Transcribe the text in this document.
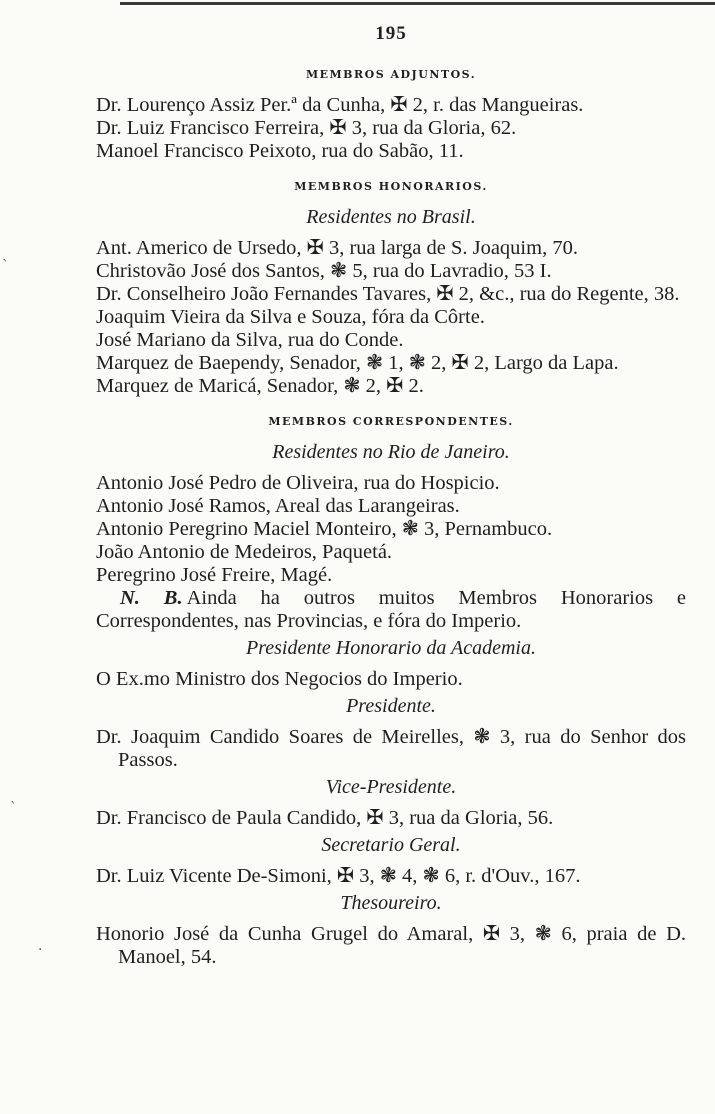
ˋ
ˋ
·
195
MEMBROS ADJUNTOS.

Dr. Lourenço Assiz Per.ª da Cunha, ✠ 2, r. das Mangueiras.

Dr. Luiz Francisco Ferreira, ✠ 3, rua da Gloria, 62.

Manoel Francisco Peixoto, rua do Sabão, 11.

MEMBROS HONORARIOS.
Residentes no Brasil.

Ant. Americo de Ursedo, ✠ 3, rua larga de S. Joaquim, 70.

Christovão José dos Santos, ❃ 5, rua do Lavradio, 53 I.

Dr. Conselheiro João Fernandes Tavares, ✠ 2, &c., rua do Regente, 38.

Joaquim Vieira da Silva e Souza, fóra da Côrte.

José Mariano da Silva, rua do Conde.

Marquez de Baependy, Senador, ❃ 1, ❃ 2, ✠ 2, Largo da Lapa.

Marquez de Maricá, Senador, ❃ 2, ✠ 2.

MEMBROS CORRESPONDENTES.
Residentes no Rio de Janeiro.

Antonio José Pedro de Oliveira, rua do Hospicio.

Antonio José Ramos, Areal das Larangeiras.

Antonio Peregrino Maciel Monteiro, ❃ 3, Pernambuco.

João Antonio de Medeiros, Paquetá.

Peregrino José Freire, Magé.

N. B. Ainda ha outros muitos Membros Honorarios e Correspondentes, nas Provincias, e fóra do Imperio.

Presidente Honorario da Academia.

O Ex.mo Ministro dos Negocios do Imperio.

Presidente.

Dr. Joaquim Candido Soares de Meirelles, ❃ 3, rua do Senhor dos Passos.

Vice-Presidente.

Dr. Francisco de Paula Candido, ✠ 3, rua da Gloria, 56.

Secretario Geral.

Dr. Luiz Vicente De-Simoni, ✠ 3, ❃ 4, ❃ 6, r. d'Ouv., 167.

Thesoureiro.

Honorio José da Cunha Grugel do Amaral, ✠ 3, ❃ 6, praia de D. Manoel, 54.
